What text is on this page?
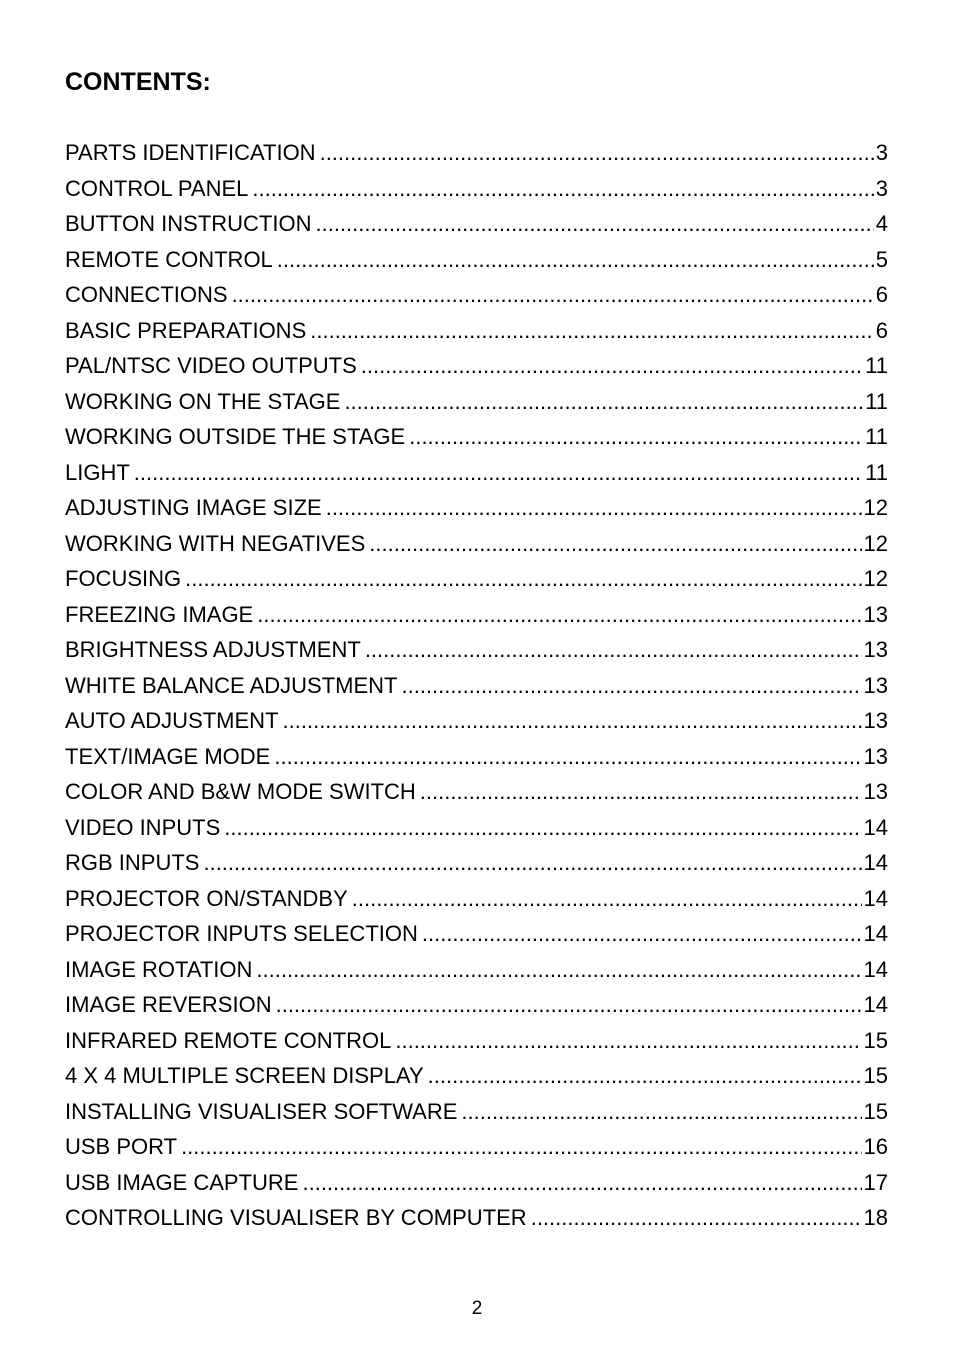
CONTENTS:
PARTS IDENTIFICATION .....	3
CONTROL PANEL .....	3
BUTTON INSTRUCTION .....	4
REMOTE CONTROL .....	5
CONNECTIONS .....	6
BASIC PREPARATIONS .....	6
PAL/NTSC VIDEO OUTPUTS .....	11
WORKING ON THE STAGE .....	11
WORKING OUTSIDE THE STAGE .....	11
LIGHT .....	11
ADJUSTING IMAGE SIZE .....	12
WORKING WITH NEGATIVES .....	12
FOCUSING .....	12
FREEZING IMAGE .....	13
BRIGHTNESS ADJUSTMENT .....	13
WHITE BALANCE ADJUSTMENT .....	13
AUTO ADJUSTMENT .....	13
TEXT/IMAGE MODE .....	13
COLOR AND B&W MODE SWITCH .....	13
VIDEO INPUTS .....	14
RGB INPUTS .....	14
PROJECTOR ON/STANDBY .....	14
PROJECTOR INPUTS SELECTION .....	14
IMAGE ROTATION .....	14
IMAGE REVERSION .....	14
INFRARED REMOTE CONTROL .....	15
4 X 4 MULTIPLE SCREEN DISPLAY .....	15
INSTALLING VISUALISER SOFTWARE .....	15
USB PORT .....	16
USB IMAGE CAPTURE .....	17
CONTROLLING VISUALISER BY COMPUTER .....	18
2
